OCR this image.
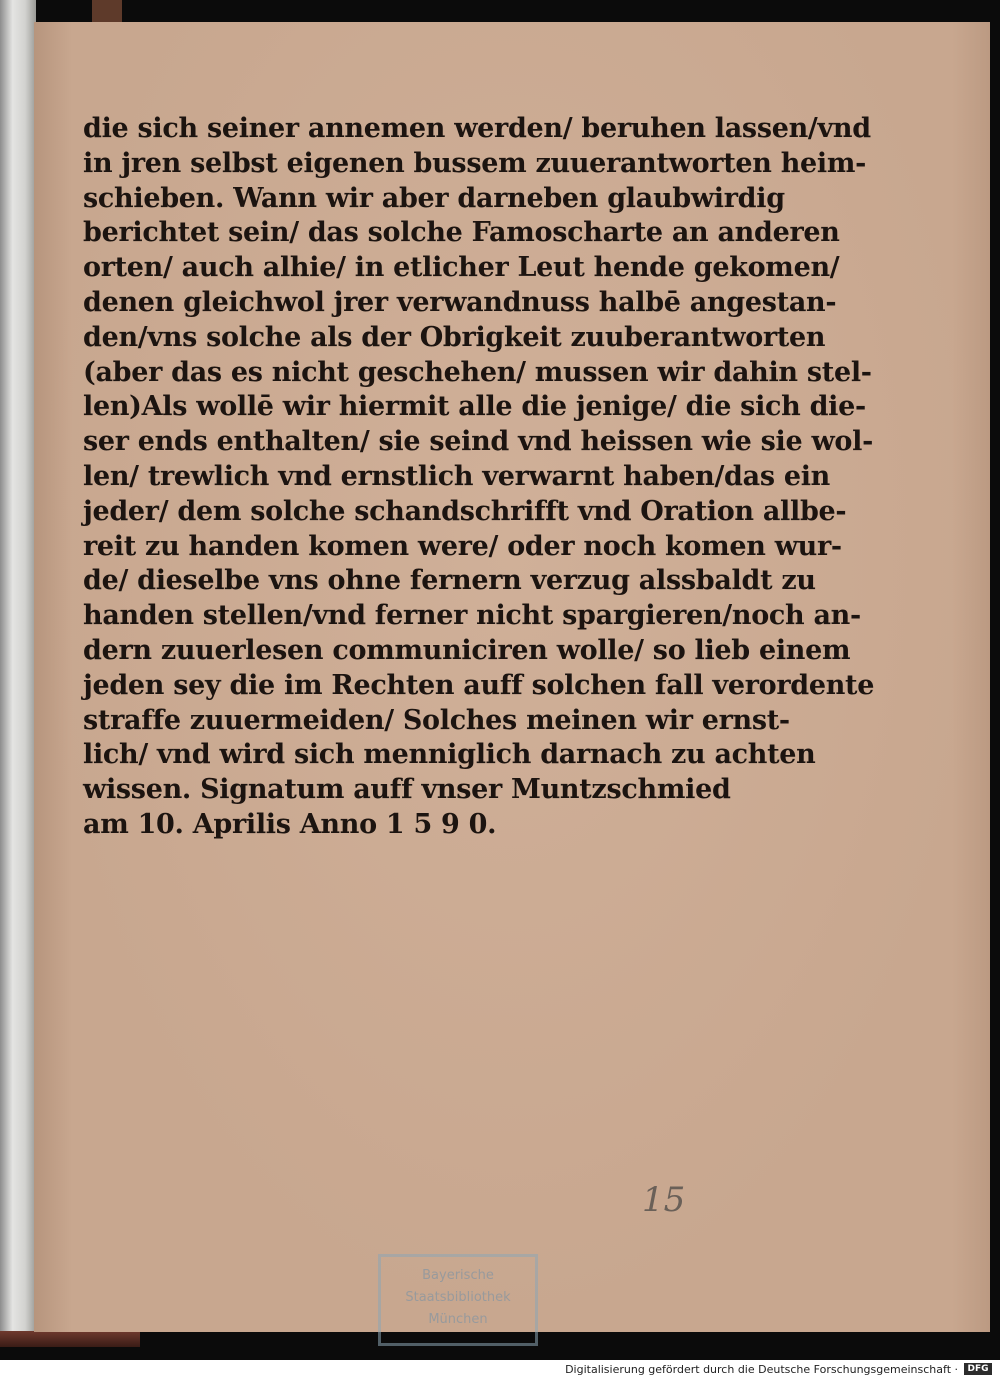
die sich seiner annemen werden/ beruhen lassen/vnd
in jren selbst eigenen bussem zuuerantworten heim-
schieben. Wann wir aber darneben glaubwirdig
berichtet sein/ das solche Famoscharte an anderen
orten/ auch alhie/ in etlicher Leut hende gekomen/
denen gleichwol jrer verwandnuss halbē angestan-
den/vns solche als der Obrigkeit zuuberantworten
(aber das es nicht geschehen/ mussen wir dahin stel-
len)Als wollē wir hiermit alle die jenige/ die sich die-
ser ends enthalten/ sie seind vnd heissen wie sie wol-
len/ trewlich vnd ernstlich verwarnt haben/das ein
jeder/ dem solche schandschrifft vnd Oration allbe-
reit zu handen komen were/ oder noch komen wur-
de/ dieselbe vns ohne fernern verzug alssbaldt zu
handen stellen/vnd ferner nicht spargieren/noch an-
dern zuuerlesen communiciren wolle/ so lieb einem
jeden sey die im Rechten auff solchen fall verordente
straffe zuuermeiden/ Solches meinen wir ernst-
lich/ vnd wird sich menniglich darnach zu achten
wissen. Signatum auff vnser Muntzschmied
am 10. Aprilis Anno 1 5 9 0.
15
Bayerische
Staatsbibliothek
München
Digitalisierung gefördert durch die Deutsche Forschungsgemeinschaft ·	DFG
